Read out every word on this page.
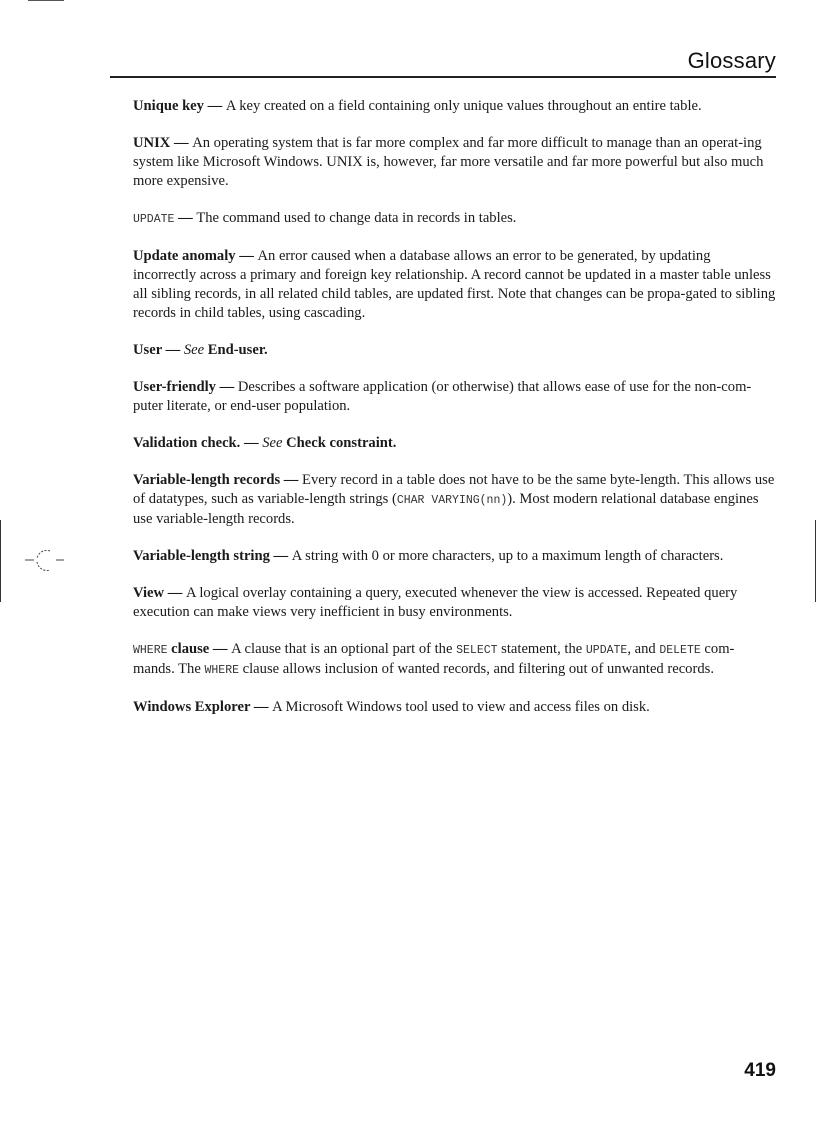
Glossary

Unique key — A key created on a field containing only unique values throughout an entire table.

UNIX — An operating system that is far more complex and far more difficult to manage than an operat-ing system like Microsoft Windows. UNIX is, however, far more versatile and far more powerful but also much more expensive.

UPDATE — The command used to change data in records in tables.

Update anomaly — An error caused when a database allows an error to be generated, by updating incorrectly across a primary and foreign key relationship. A record cannot be updated in a master table unless all sibling records, in all related child tables, are updated first. Note that changes can be propa-gated to sibling records in child tables, using cascading.

User — See End-user.

User-friendly — Describes a software application (or otherwise) that allows ease of use for the non-com-puter literate, or end-user population.

Validation check. — See Check constraint.

Variable-length records — Every record in a table does not have to be the same byte-length. This allows use of datatypes, such as variable-length strings (CHAR VARYING(nn)). Most modern relational database engines use variable-length records.

Variable-length string — A string with 0 or more characters, up to a maximum length of characters.

View — A logical overlay containing a query, executed whenever the view is accessed. Repeated query execution can make views very inefficient in busy environments.

WHERE clause — A clause that is an optional part of the SELECT statement, the UPDATE, and DELETE com-mands. The WHERE clause allows inclusion of wanted records, and filtering out of unwanted records.

Windows Explorer — A Microsoft Windows tool used to view and access files on disk.

419
